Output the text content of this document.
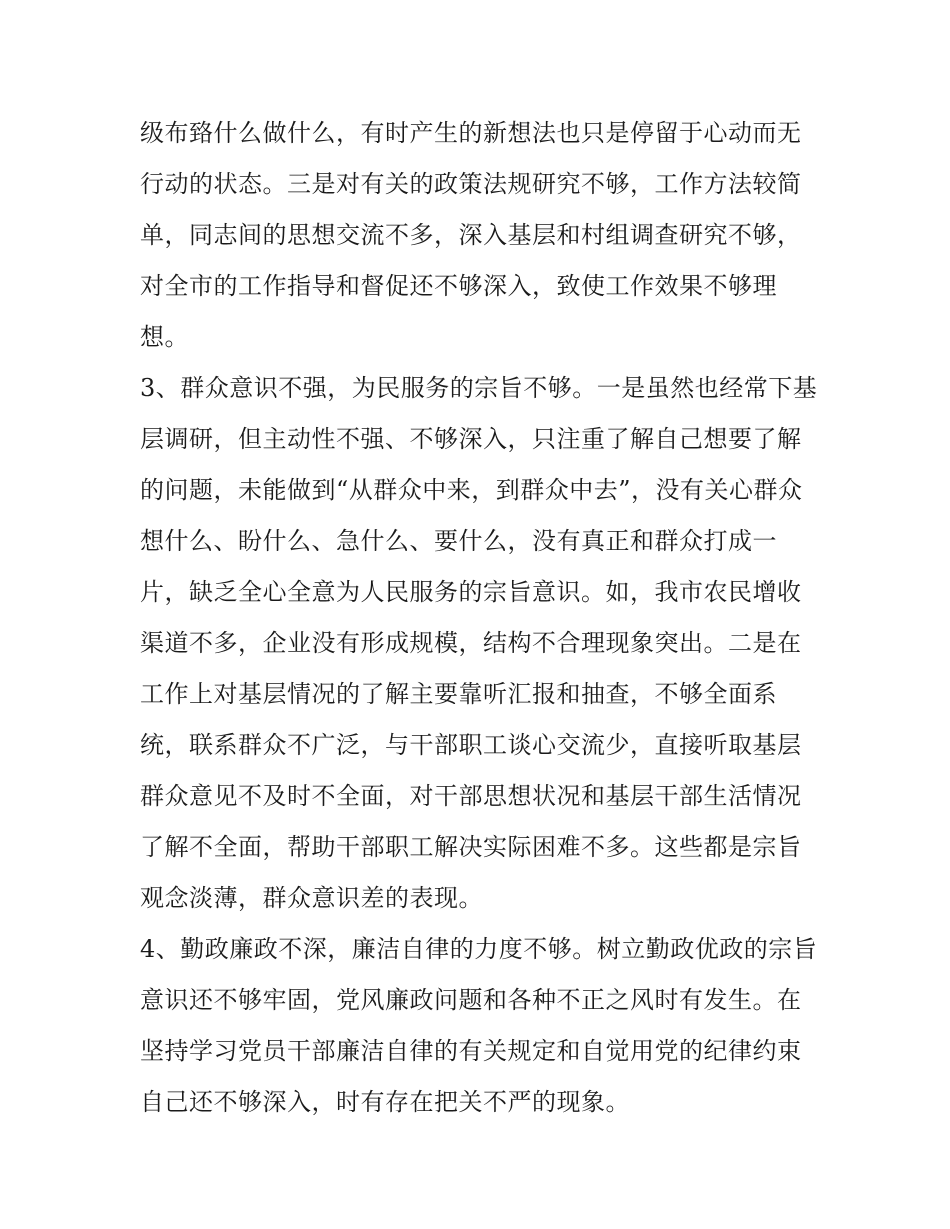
级布臵什么做什么，有时产生的新想法也只是停留于心动而无行动的状态。三是对有关的政策法规研究不够，工作方法较简单，同志间的思想交流不多，深入基层和村组调查研究不够，对全市的工作指导和督促还不够深入，致使工作效果不够理想。

3、群众意识不强，为民服务的宗旨不够。一是虽然也经常下基层调研，但主动性不强、不够深入，只注重了解自己想要了解的问题，未能做到“从群众中来，到群众中去”，没有关心群众想什么、盼什么、急什么、要什么，没有真正和群众打成一片，缺乏全心全意为人民服务的宗旨意识。如，我市农民增收渠道不多，企业没有形成规模，结构不合理现象突出。二是在工作上对基层情况的了解主要靠听汇报和抽查，不够全面系统，联系群众不广泛，与干部职工谈心交流少，直接听取基层群众意见不及时不全面，对干部思想状况和基层干部生活情况了解不全面，帮助干部职工解决实际困难不多。这些都是宗旨观念淡薄，群众意识差的表现。

4、勤政廉政不深，廉洁自律的力度不够。树立勤政优政的宗旨意识还不够牢固，党风廉政问题和各种不正之风时有发生。在坚持学习党员干部廉洁自律的有关规定和自觉用党的纪律约束自己还不够深入，时有存在把关不严的现象。
